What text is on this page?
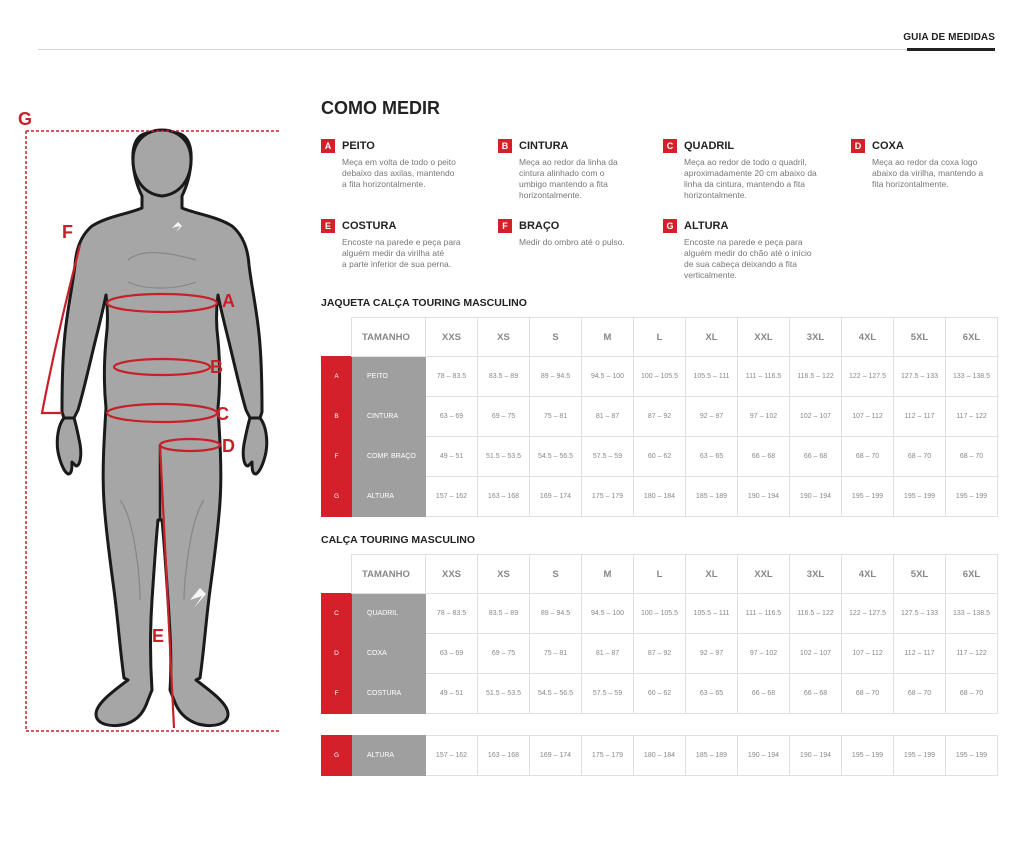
GUIA DE MEDIDAS
A
B
C
D
E
F
G
COMO MEDIR
A PEITO
Meça em volta de todo o peito
debaixo das axilas, mantendo
a fita horizontalmente.
B CINTURA
Meça ao redor da linha da
cintura alinhado com o
umbigo mantendo a fita
horizontalmente.
C QUADRIL
Meça ao redor de todo o quadril,
aproximadamente 20 cm abaixo da
linha da cintura, mantendo a fita
horizontalmente.
D COXA
Meça ao redor da coxa logo
abaixo da virilha, mantendo a
fita horizontalmente.
E	COSTURA
Encoste na parede e peça para
alguém medir da virilha até
a parte inferior de sua perna.
F	BRAÇO
Medir do ombro até o pulso.
G ALTURA
Encoste na parede e peça para
alguém medir do chão até o início
de sua cabeça deixando a fita
verticalmente.
JAQUETA CALÇA TOURING MASCULINO
	TAMANHO	XXS	XS	S	M	L	XL	XXL	3XL	4XL	5XL	6XL
A	PEITO	78 – 83.5	83.5 – 89	89 – 94.5	94.5 – 100	100 – 105.5	105.5 – 111	111 – 116.5	116.5 – 122	122 – 127.5	127.5 – 133	133 – 138.5
B	CINTURA	63 – 69	69 – 75	75 – 81	81 – 87	87 – 92	92 – 97	97 – 102	102 – 107	107 – 112	112 – 117	117 – 122
F	COMP. BRAÇO	49 – 51	51.5 – 53.5	54.5 – 56.5	57.5 – 59	60 – 62	63 – 65	66 – 68	66 – 68	68 – 70	68 – 70	68 – 70
G	ALTURA	157 – 162	163 – 168	169 – 174	175 – 179	180 – 184	185 – 189	190 – 194	190 – 194	195 – 199	195 – 199	195 – 199
CALÇA TOURING MASCULINO
	TAMANHO	XXS	XS	S	M	L	XL	XXL	3XL	4XL	5XL	6XL
C	QUADRIL	78 – 83.5	83.5 – 89	89 – 94.5	94.5 – 100	100 – 105.5	105.5 – 111	111 – 116.5	116.5 – 122	122 – 127.5	127.5 – 133	133 – 138.5
D	COXA	63 – 69	69 – 75	75 – 81	81 – 87	87 – 92	92 – 97	97 – 102	102 – 107	107 – 112	112 – 117	117 – 122
F	COSTURA	49 – 51	51.5 – 53.5	54.5 – 56.5	57.5 – 59	60 – 62	63 – 65	66 – 68	66 – 68	68 – 70	68 – 70	68 – 70
G	ALTURA	157 – 162	163 – 168	169 – 174	175 – 179	180 – 184	185 – 189	190 – 194	190 – 194	195 – 199	195 – 199	195 – 199
